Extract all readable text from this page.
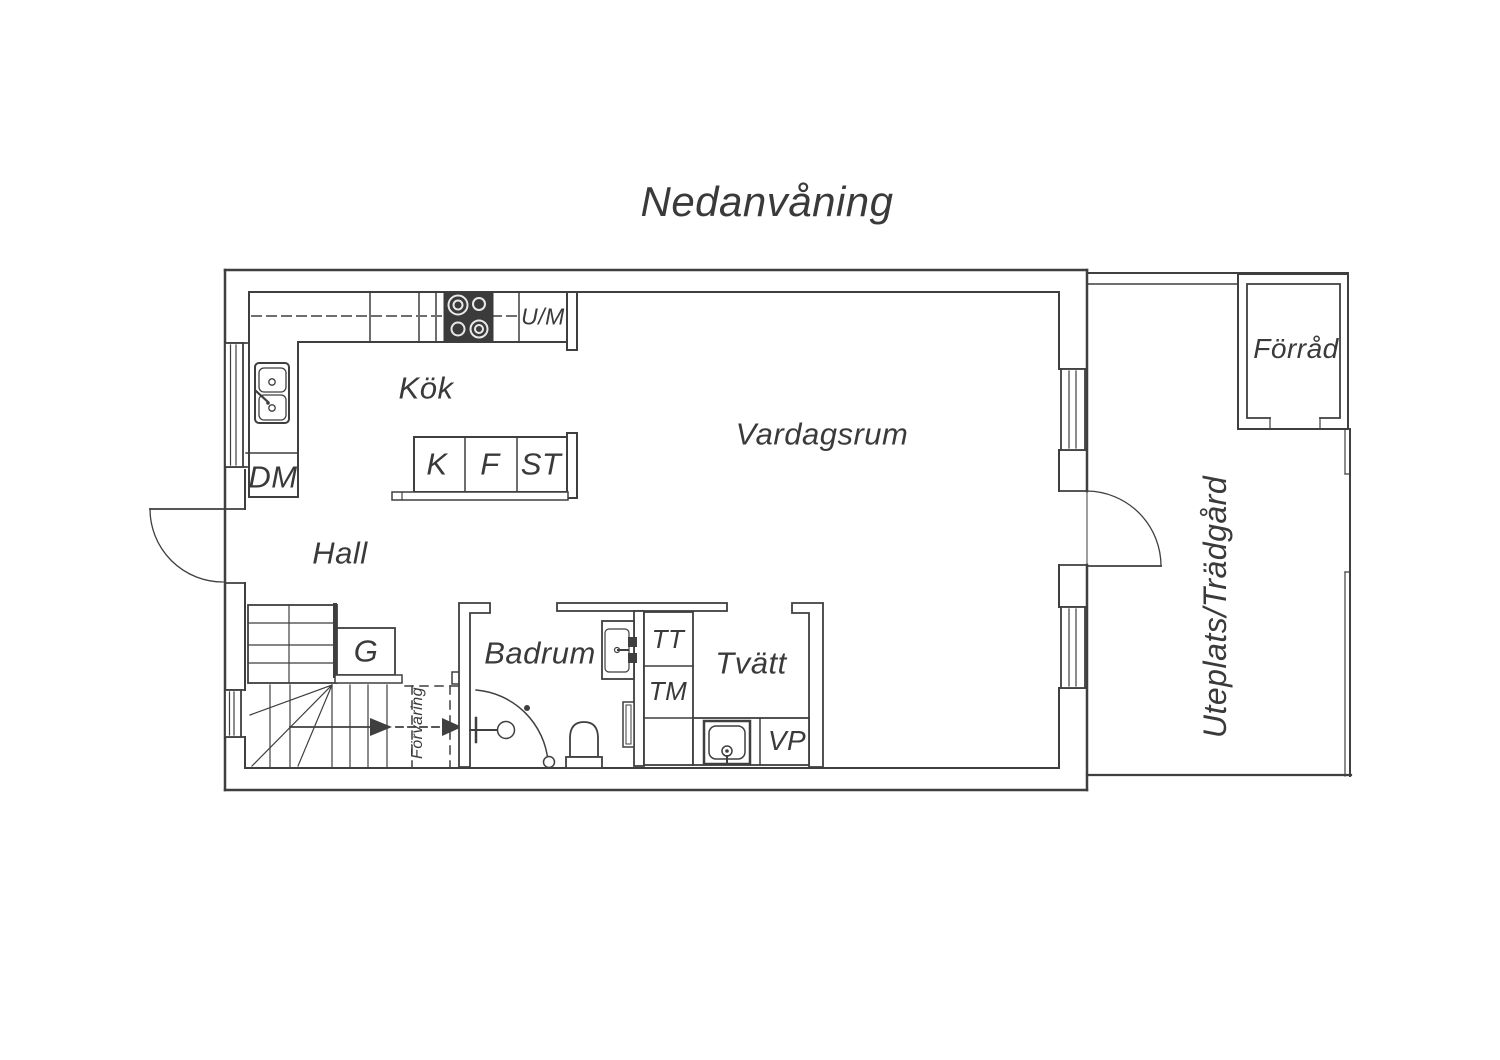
Nedanvåning
Kök
U/M
DM	K F ST
Vardagsrum
Hall
G	Badrum TT
TM
Tvätt
VP
Förråd
Uteplats/Trädgård
Förvaring
